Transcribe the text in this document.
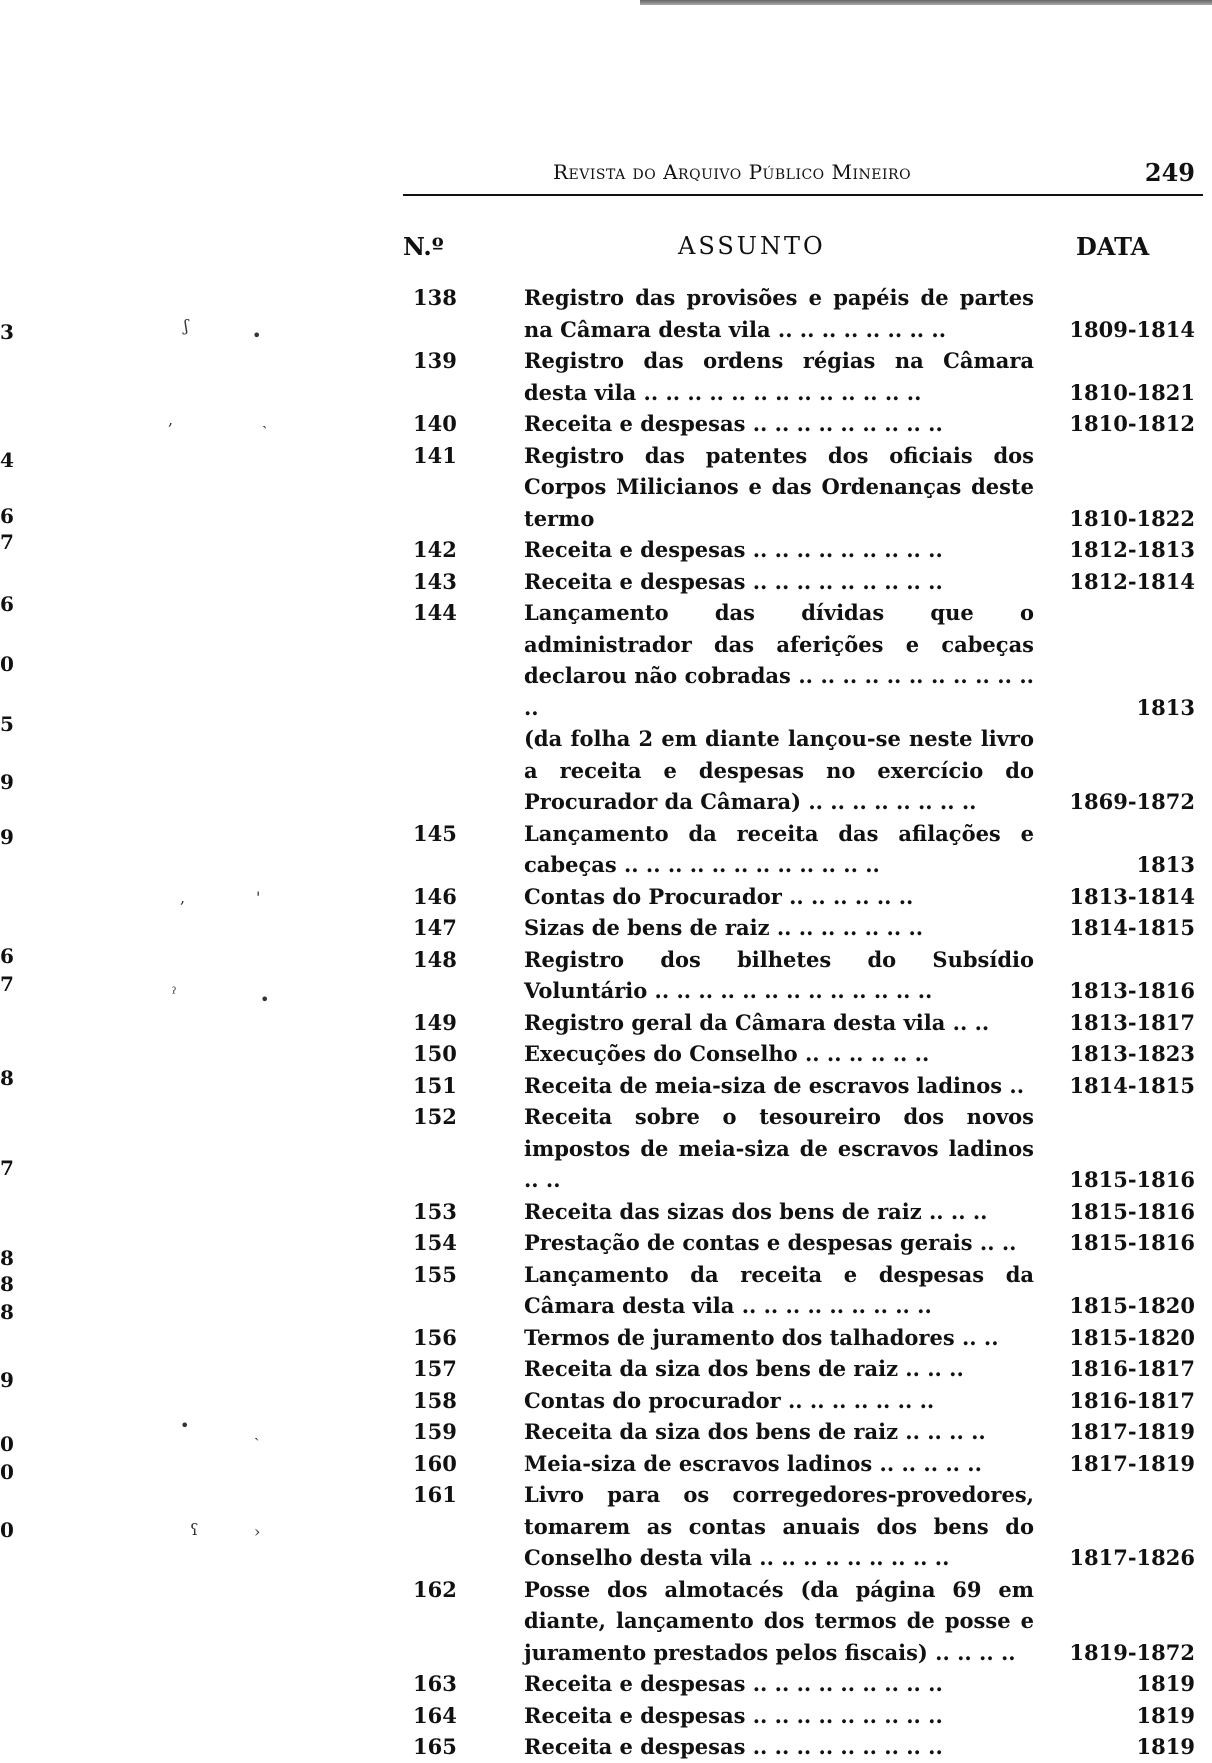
3
4
6
7
6
0
5
9
9
6
7
8
7
8
8
8
9
0
0
0
ʃ
•
,	ˎ
,	'
ˀ	•
•	ˎ
ʕ	›
Revista do Arquivo Público Mineiro	249
N.º	ASSUNTO	DATA
138	Registro das provisões e papéis de partes na Câmara desta vila .. .. .. .. .. .. .. ..	1809-1814
139	Registro das ordens régias na Câmara desta vila .. .. .. .. .. .. .. .. .. .. .. .. ..	1810-1821
140	Receita e despesas .. .. .. .. .. .. .. .. ..	1810-1812
141	Registro das patentes dos oficiais dos Corpos Milicianos e das Ordenanças deste termo	1810-1822
142	Receita e despesas .. .. .. .. .. .. .. .. ..	1812-1813
143	Receita e despesas .. .. .. .. .. .. .. .. ..	1812-1814
144	Lançamento das dívidas que o administrador das aferições e cabeças declarou não cobradas .. .. .. .. .. .. .. .. .. .. .. ..	1813
(da folha 2 em diante lançou-se neste livro a receita e despesas no exercício do Procurador da Câmara) .. .. .. .. .. .. .. ..	1869-1872
145	Lançamento da receita das afilações e cabeças .. .. .. .. .. .. .. .. .. .. .. ..	1813
146	Contas do Procurador .. .. .. .. .. ..	1813-1814
147	Sizas de bens de raiz .. .. .. .. .. .. ..	1814-1815
148	Registro dos bilhetes do Subsídio Voluntário .. .. .. .. .. .. .. .. .. .. .. .. ..	1813-1816
149	Registro geral da Câmara desta vila .. ..	1813-1817
150	Execuções do Conselho .. .. .. .. .. ..	1813-1823
151	Receita de meia-siza de escravos ladinos ..	1814-1815
152	Receita sobre o tesoureiro dos novos impostos de meia-siza de escravos ladinos .. ..	1815-1816
153	Receita das sizas dos bens de raiz .. .. ..	1815-1816
154	Prestação de contas e despesas gerais .. ..	1815-1816
155	Lançamento da receita e despesas da Câmara desta vila .. .. .. .. .. .. .. .. ..	1815-1820
156	Termos de juramento dos talhadores .. ..	1815-1820
157	Receita da siza dos bens de raiz .. .. ..	1816-1817
158	Contas do procurador .. .. .. .. .. .. ..	1816-1817
159	Receita da siza dos bens de raiz .. .. .. ..	1817-1819
160	Meia-siza de escravos ladinos .. .. .. .. ..	1817-1819
161	Livro para os corregedores-provedores, tomarem as contas anuais dos bens do Conselho desta vila .. .. .. .. .. .. .. .. ..	1817-1826
162	Posse dos almotacés (da página 69 em diante, lançamento dos termos de posse e juramento prestados pelos fiscais) .. .. .. ..	1819-1872
163	Receita e despesas .. .. .. .. .. .. .. .. ..	1819
164	Receita e despesas .. .. .. .. .. .. .. .. ..	1819
165	Receita e despesas .. .. .. .. .. .. .. .. ..	1819
